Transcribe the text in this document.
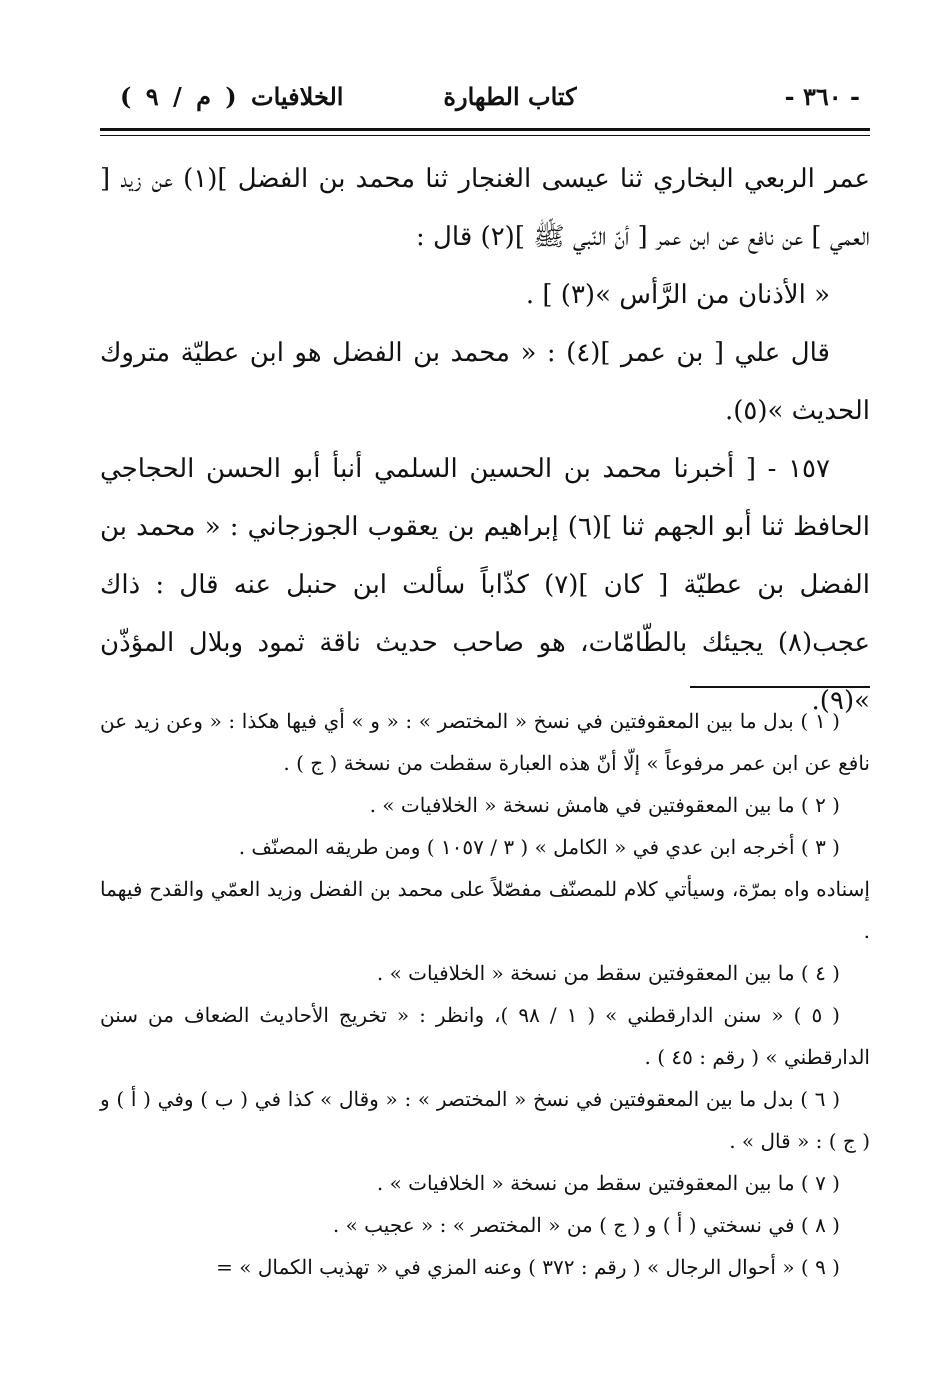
- ٣٦٠ -
كتاب الطهارة
الخلافيات ( م / ٩ )

عمر الربعي البخاري ثنا عيسى الغنجار ثنا محمد بن الفضل ](١) عن زيد [ العمي ] عن نافع عن ابن عمر [ أنّ النّبي ﷺ ](٢) قال :

« الأذنان من الرَّأس »(٣) ] .

قال علي [ بن عمر ](٤) : « محمد بن الفضل هو ابن عطيّة متروك الحديث »(٥).

١٥٧ - [ أخبرنا محمد بن الحسين السلمي أنبأ أبو الحسن الحجاجي الحافظ ثنا أبو الجهم ثنا ](٦) إبراهيم بن يعقوب الجوزجاني : « محمد بن الفضل بن عطيّة [ كان ](٧) كذّاباً سألت ابن حنبل عنه قال : ذاك عجب(٨) يجيئك بالطّامّات، هو صاحب حديث ناقة ثمود وبلال المؤذّن »(٩).

( ١ ) بدل ما بين المعقوفتين في نسخ « المختصر » : « و » أي فيها هكذا : « وعن زيد عن نافع عن ابن عمر مرفوعاً » إلّا أنّ هذه العبارة سقطت من نسخة ( ج ) .

( ٢ ) ما بين المعقوفتين في هامش نسخة « الخلافيات » .

( ٣ ) أخرجه ابن عدي في « الكامل » ( ٣ / ١٠٥٧ ) ومن طريقه المصنّف .

إسناده واه بمرّة، وسيأتي كلام للمصنّف مفصّلاً على محمد بن الفضل وزيد العمّي والقدح فيهما .

( ٤ ) ما بين المعقوفتين سقط من نسخة « الخلافيات » .

( ٥ ) « سنن الدارقطني » ( ١ / ٩٨ )، وانظر : « تخريج الأحاديث الضعاف من سنن الدارقطني » ( رقم : ٤٥ ) .

( ٦ ) بدل ما بين المعقوفتين في نسخ « المختصر » : « وقال » كذا في ( ب ) وفي ( أ ) و ( ج ) : « قال » .

( ٧ ) ما بين المعقوفتين سقط من نسخة « الخلافيات » .

( ٨ ) في نسختي ( أ ) و ( ج ) من « المختصر » : « عجيب » .

( ٩ ) « أحوال الرجال » ( رقم : ٣٧٢ ) وعنه المزي في « تهذيب الكمال » =
